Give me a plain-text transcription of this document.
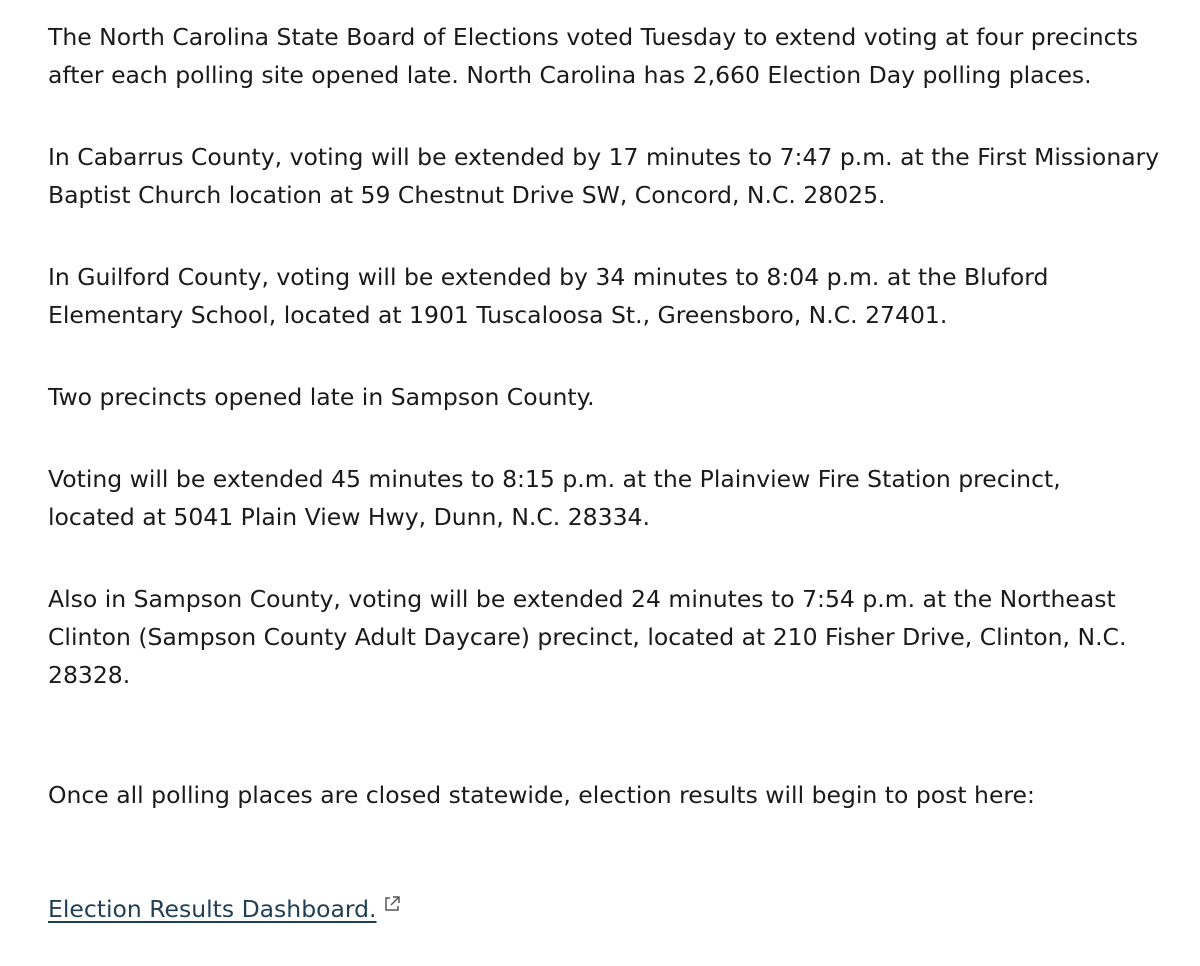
The North Carolina State Board of Elections voted Tuesday to extend voting at four precincts
after each polling site opened late. North Carolina has 2,660 Election Day polling places.

In Cabarrus County, voting will be extended by 17 minutes to 7:47 p.m. at the First Missionary
Baptist Church location at 59 Chestnut Drive SW, Concord, N.C. 28025.

In Guilford County, voting will be extended by 34 minutes to 8:04 p.m. at the Bluford
Elementary School, located at 1901 Tuscaloosa St., Greensboro, N.C. 27401.

Two precincts opened late in Sampson County.

Voting will be extended 45 minutes to 8:15 p.m. at the Plainview Fire Station precinct,
located at 5041 Plain View Hwy, Dunn, N.C. 28334.

Also in Sampson County, voting will be extended 24 minutes to 7:54 p.m. at the Northeast
Clinton (Sampson County Adult Daycare) precinct, located at 210 Fisher Drive, Clinton, N.C.
28328.

Once all polling places are closed statewide, election results will begin to post here:

Election Results Dashboard.
